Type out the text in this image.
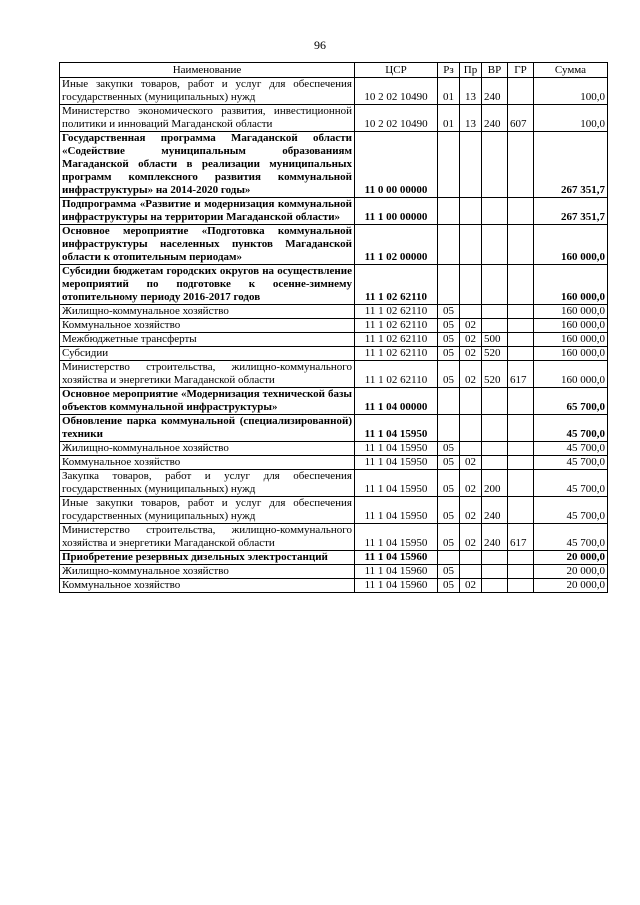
96
Наименование	ЦСР	Рз	Пр	ВР	ГР	Сумма
Иные закупки товаров, работ и услуг для обеспечения государственных (муниципальных) нужд	10 2 02 10490	01	13	240		100,0
Министерство экономического развития, инвестиционной политики и инноваций Магаданской области	10 2 02 10490	01	13	240	607	100,0
Государственная программа Магаданской области «Содействие муниципальным образованиям Магаданской области в реализации муниципальных программ комплексного развития коммунальной инфраструктуры» на 2014-2020 годы»	11 0 00 00000					267 351,7
Подпрограмма «Развитие и модернизация коммунальной инфраструктуры на территории Магаданской области»	11 1 00 00000					267 351,7
Основное мероприятие «Подготовка коммунальной инфраструктуры населенных пунктов Магаданской области к отопительным периодам»	11 1 02 00000					160 000,0
Субсидии бюджетам городских округов на осуществление мероприятий по подготовке к осенне-зимнему отопительному периоду 2016-2017 годов	11 1 02 62110					160 000,0
Жилищно-коммунальное хозяйство	11 1 02 62110	05				160 000,0
Коммунальное хозяйство	11 1 02 62110	05	02			160 000,0
Межбюджетные трансферты	11 1 02 62110	05	02	500		160 000,0
Субсидии	11 1 02 62110	05	02	520		160 000,0
Министерство строительства, жилищно-коммунального хозяйства и энергетики Магаданской области	11 1 02 62110	05	02	520	617	160 000,0
Основное мероприятие «Модернизация технической базы объектов коммунальной инфраструктуры»	11 1 04 00000					65 700,0
Обновление парка коммунальной (специализированной) техники	11 1 04 15950					45 700,0
Жилищно-коммунальное хозяйство	11 1 04 15950	05				45 700,0
Коммунальное хозяйство	11 1 04 15950	05	02			45 700,0
Закупка товаров, работ и услуг для обеспечения государственных (муниципальных) нужд	11 1 04 15950	05	02	200		45 700,0
Иные закупки товаров, работ и услуг для обеспечения государственных (муниципальных) нужд	11 1 04 15950	05	02	240		45 700,0
Министерство строительства, жилищно-коммунального хозяйства и энергетики Магаданской области	11 1 04 15950	05	02	240	617	45 700,0
Приобретение резервных дизельных электростанций	11 1 04 15960					20 000,0
Жилищно-коммунальное хозяйство	11 1 04 15960	05				20 000,0
Коммунальное хозяйство	11 1 04 15960	05	02			20 000,0
